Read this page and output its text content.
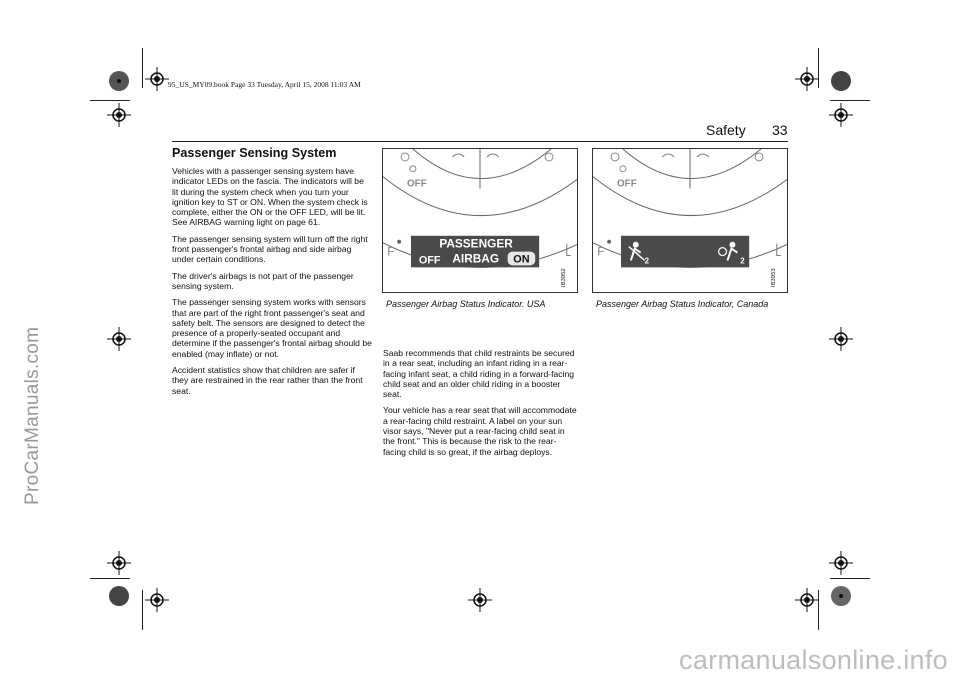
95_US_MY09.book Page 33 Tuesday, April 15, 2008 11:03 AM
Safety 33
Passenger Sensing System

Vehicles with a passenger sensing system have indicator LEDs on the fascia. The indicators will be lit during the system check when you turn your ignition key to ST or ON. When the system check is complete, either the ON or the OFF LED, will be lit. See AIRBAG warning light on page 61.

The passenger sensing system will turn off the right front passenger's frontal airbag and side airbag under certain conditions.

The driver's airbags is not part of the passenger sensing system.

The passenger sensing system works with sensors that are part of the right front passenger's seat and safety belt. The sensors are designed to detect the presence of a properly-seated occupant and determine if the passenger's frontal airbag should be enabled (may inflate) or not.

Accident statistics show that children are safer if they are restrained in the rear rather than the front seat.

OFF
F
PASSENGER
OFF AIRBAG ON
IB3952
Passenger Airbag Status Indicator. USA
OFF
F
2	2
IB3953
Passenger Airbag Status Indicator, Canada

Saab recommends that child restraints be secured in a rear seat, including an infant riding in a rear-facing infant seat, a child riding in a forward-facing child seat and an older child riding in a booster seat.

Your vehicle has a rear seat that will accommodate a rear-facing child restraint. A label on your sun visor says, "Never put a rear-facing child seat in the front." This is because the risk to the rear-facing child is so great, if the airbag deploys.

ProCarManuals.com
carmanualsonline.info
